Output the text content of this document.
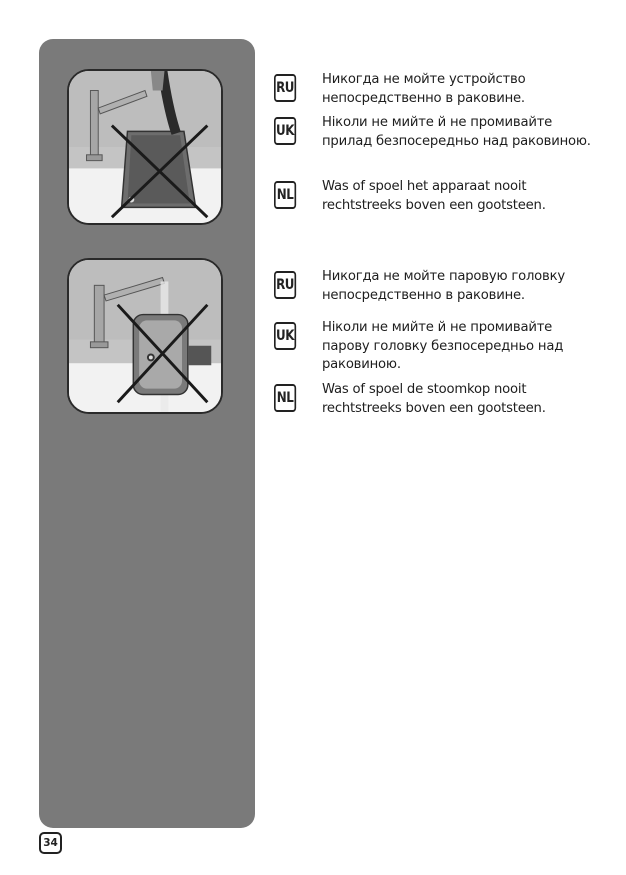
RU
Никогда не мойте устройство непосредственно в раковине.
UK
Ніколи не мийте й не промивайте прилад безпосередньо над раковиною.
NL
Was of spoel het apparaat nooit rechtstreeks boven een gootsteen.
RU
Никогда не мойте паровую головку непосредственно в раковине.
UK
Ніколи не мийте й не промивайте парову головку безпосередньо над раковиною.
NL
Was of spoel de stoomkop nooit rechtstreeks boven een gootsteen.
34
